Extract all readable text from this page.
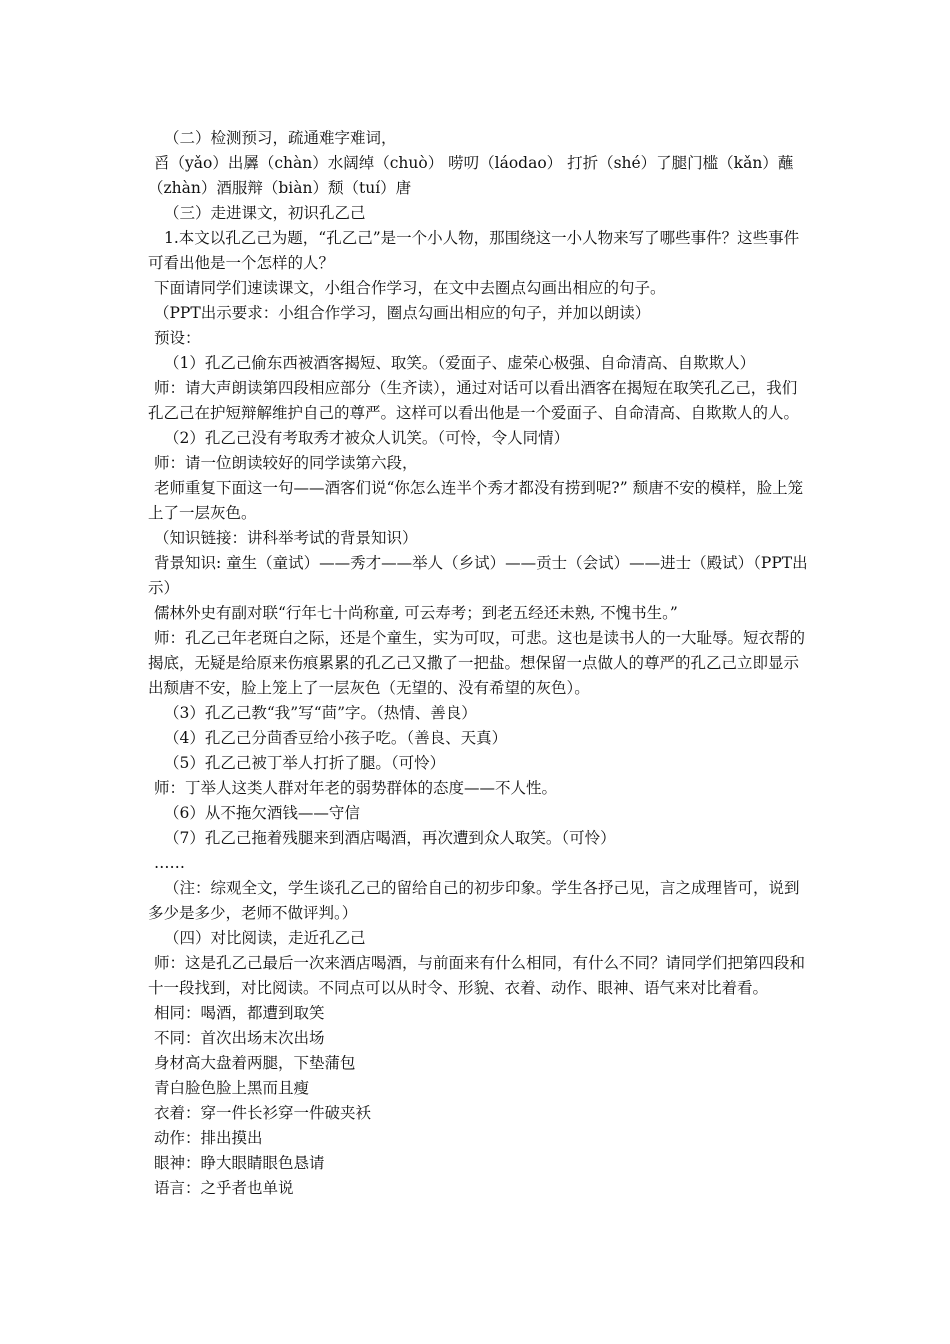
（二）检测预习，疏通难字难词，

舀（yǎo）出羼（chàn）水阔绰（chuò） 唠叨（láodao） 打折（shé）了腿门槛（kǎn）蘸（zhàn）酒服辩（biàn）颓（tuí）唐

（三）走进课文，初识孔乙己

1.本文以孔乙己为题，“孔乙己”是一个小人物，那围绕这一小人物来写了哪些事件？这些事件可看出他是一个怎样的人？

下面请同学们速读课文，小组合作学习，在文中去圈点勾画出相应的句子。

（PPT出示要求：小组合作学习，圈点勾画出相应的句子，并加以朗读）

预设：

（1）孔乙己偷东西被酒客揭短、取笑。（爱面子、虚荣心极强、自命清高、自欺欺人）

师：请大声朗读第四段相应部分（生齐读），通过对话可以看出酒客在揭短在取笑孔乙己，我们孔乙己在护短辩解维护自己的尊严。这样可以看出他是一个爱面子、自命清高、自欺欺人的人。

（2）孔乙己没有考取秀才被众人讥笑。（可怜，令人同情）

师：请一位朗读较好的同学读第六段，

老师重复下面这一句——酒客们说“你怎么连半个秀才都没有捞到呢?” 颓唐不安的模样，脸上笼上了一层灰色。

（知识链接：讲科举考试的背景知识）

背景知识: 童生（童试）——秀才——举人（乡试）——贡士（会试）——进士（殿试）（PPT出示）

儒林外史有副对联“行年七十尚称童, 可云寿考；到老五经还未熟, 不愧书生。”

师：孔乙己年老斑白之际，还是个童生，实为可叹，可悲。这也是读书人的一大耻辱。短衣帮的揭底，无疑是给原来伤痕累累的孔乙己又撒了一把盐。想保留一点做人的尊严的孔乙己立即显示出颓唐不安，脸上笼上了一层灰色（无望的、没有希望的灰色）。

（3）孔乙己教“我”写“茴”字。（热情、善良）

（4）孔乙己分茴香豆给小孩子吃。（善良、天真）

（5）孔乙己被丁举人打折了腿。（可怜）

师：丁举人这类人群对年老的弱势群体的态度——不人性。

（6）从不拖欠酒钱——守信

（7）孔乙己拖着残腿来到酒店喝酒，再次遭到众人取笑。（可怜）

……

（注：综观全文，学生谈孔乙己的留给自己的初步印象。学生各抒己见，言之成理皆可，说到多少是多少，老师不做评判。）

（四）对比阅读，走近孔乙己

师：这是孔乙己最后一次来酒店喝酒，与前面来有什么相同，有什么不同？请同学们把第四段和十一段找到，对比阅读。不同点可以从时令、形貌、衣着、动作、眼神、语气来对比着看。

相同：喝酒，都遭到取笑

不同：首次出场末次出场

身材高大盘着两腿，下垫蒲包

青白脸色脸上黑而且瘦

衣着：穿一件长衫穿一件破夹袄

动作：排出摸出

眼神：睁大眼睛眼色恳请

语言：之乎者也单说
